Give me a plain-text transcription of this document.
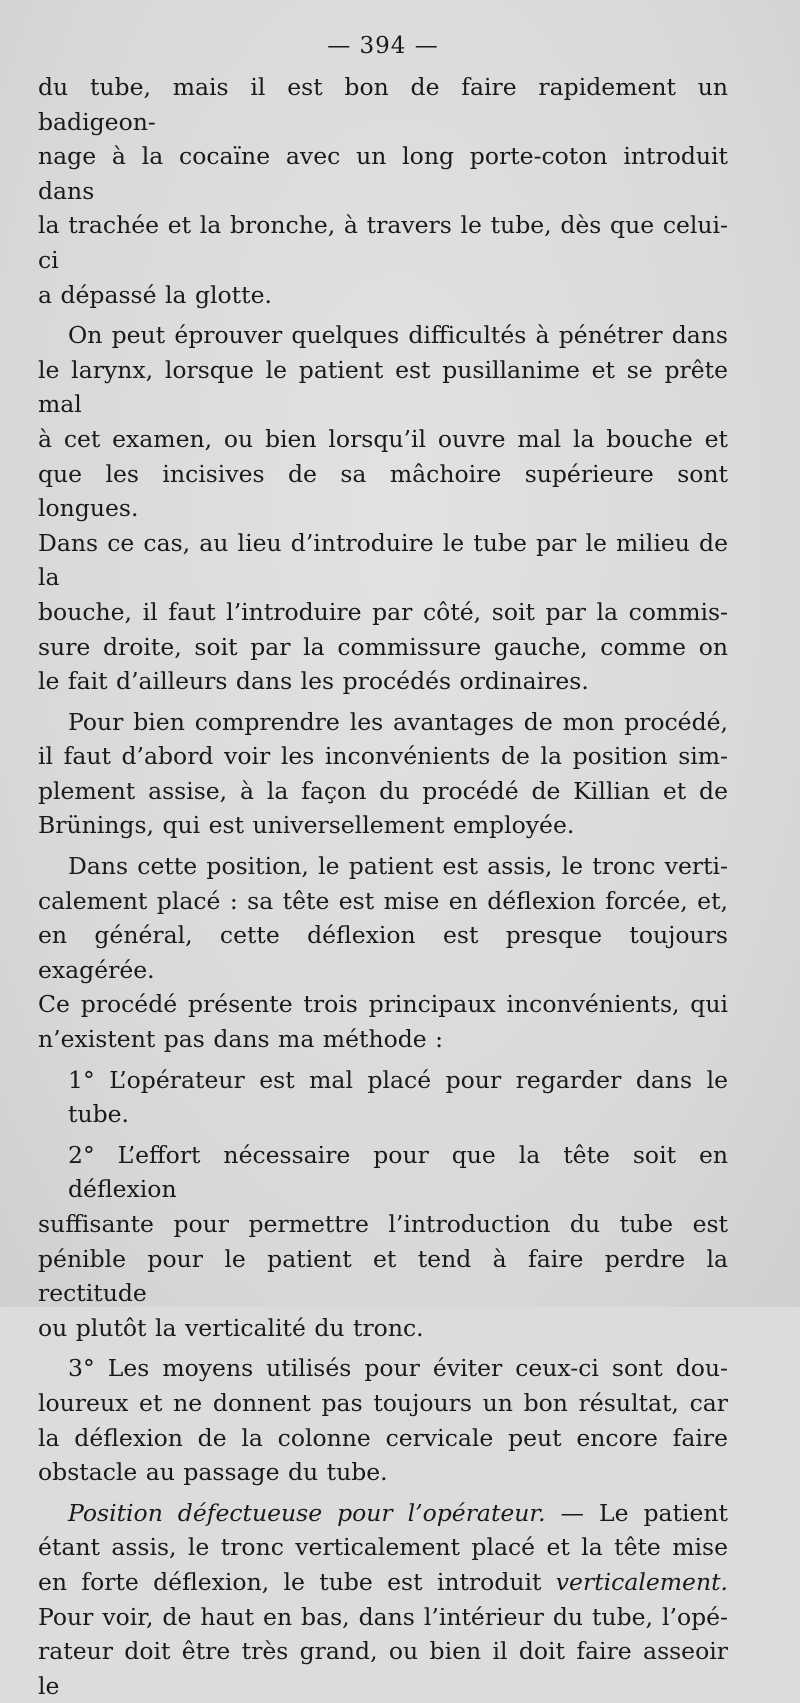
— 394 —
du tube, mais il est bon de faire rapidement un badigeon-
nage à la cocaïne avec un long porte-coton introduit dans
la trachée et la bronche, à travers le tube, dès que celui-ci
a dépassé la glotte.
On peut éprouver quelques difficultés à pénétrer dans
le larynx, lorsque le patient est pusillanime et se prête mal
à cet examen, ou bien lorsqu’il ouvre mal la bouche et
que les incisives de sa mâchoire supérieure sont longues.
Dans ce cas, au lieu d’introduire le tube par le milieu de la
bouche, il faut l’introduire par côté, soit par la commis-
sure droite, soit par la commissure gauche, comme on
le fait d’ailleurs dans les procédés ordinaires.
Pour bien comprendre les avantages de mon procédé,
il faut d’abord voir les inconvénients de la position sim-
plement assise, à la façon du procédé de Killian et de
Brünings, qui est universellement employée.
Dans cette position, le patient est assis, le tronc verti-
calement placé : sa tête est mise en déflexion forcée, et,
en général, cette déflexion est presque toujours exagérée.
Ce procédé présente trois principaux inconvénients, qui
n’existent pas dans ma méthode :
1° L’opérateur est mal placé pour regarder dans le tube.
2° L’effort nécessaire pour que la tête soit en déflexion
suffisante pour permettre l’introduction du tube est
pénible pour le patient et tend à faire perdre la rectitude
ou plutôt la verticalité du tronc.
3° Les moyens utilisés pour éviter ceux-ci sont dou-
loureux et ne donnent pas toujours un bon résultat, car
la déflexion de la colonne cervicale peut encore faire
obstacle au passage du tube.
Position défectueuse pour l’opérateur. — Le patient
étant assis, le tronc verticalement placé et la tête mise
en forte déflexion, le tube est introduit verticalement.
Pour voir, de haut en bas, dans l’intérieur du tube, l’opé-
rateur doit être très grand, ou bien il doit faire asseoir le
